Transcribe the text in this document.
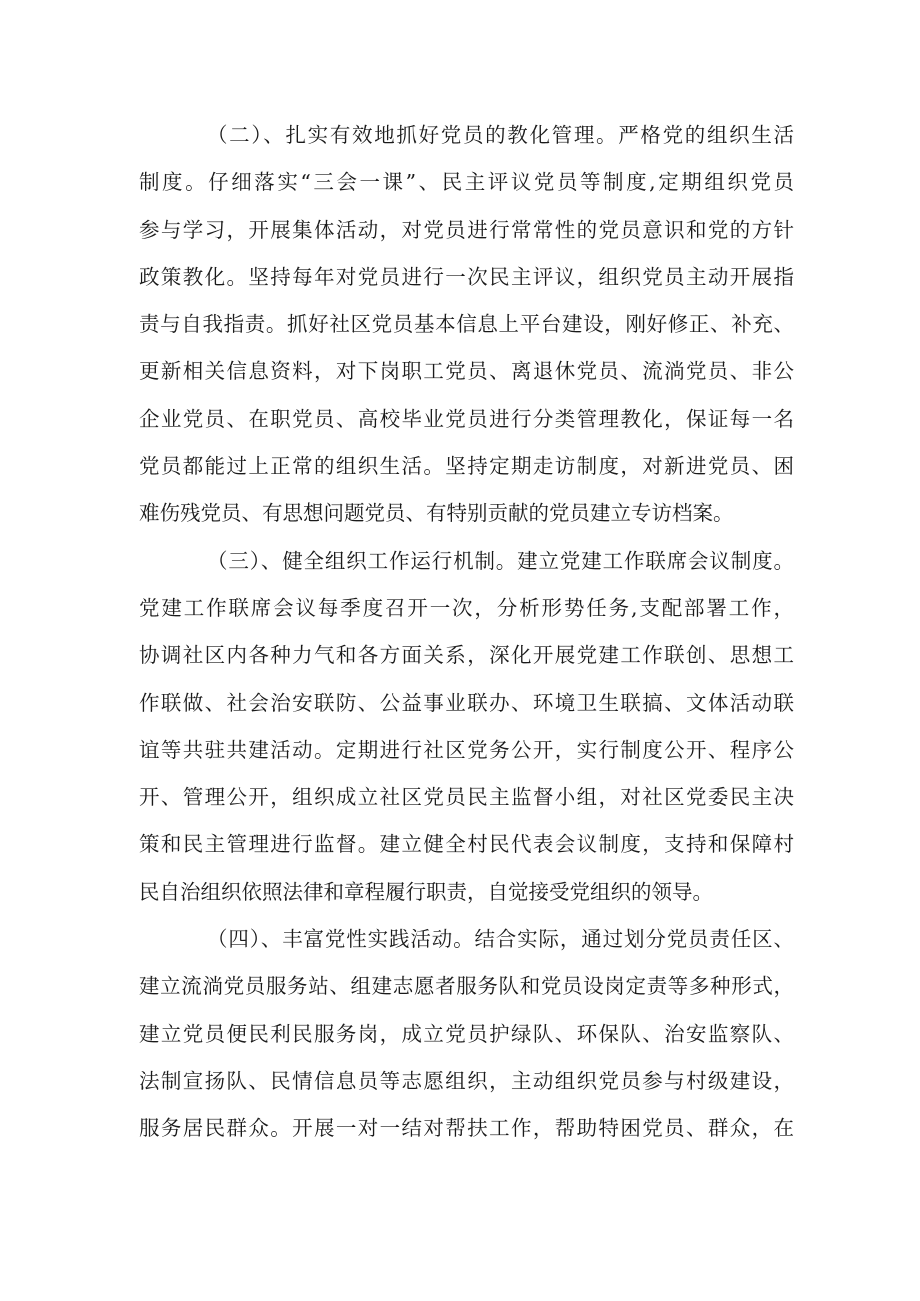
（二）、扎实有效地抓好党员的教化管理。严格党的组织生活
制度。仔细落实“三会一课”、民主评议党员等制度,定期组织党员
参与学习，开展集体活动，对党员进行常常性的党员意识和党的方针
政策教化。坚持每年对党员进行一次民主评议，组织党员主动开展指
责与自我指责。抓好社区党员基本信息上平台建设，刚好修正、补充、
更新相关信息资料，对下岗职工党员、离退休党员、流淌党员、非公
企业党员、在职党员、高校毕业党员进行分类管理教化，保证每一名
党员都能过上正常的组织生活。坚持定期走访制度，对新进党员、困
难伤残党员、有思想问题党员、有特别贡献的党员建立专访档案。
（三）、健全组织工作运行机制。建立党建工作联席会议制度。
党建工作联席会议每季度召开一次，分析形势任务,支配部署工作，
协调社区内各种力气和各方面关系，深化开展党建工作联创、思想工
作联做、社会治安联防、公益事业联办、环境卫生联搞、文体活动联
谊等共驻共建活动。定期进行社区党务公开，实行制度公开、程序公
开、管理公开，组织成立社区党员民主监督小组，对社区党委民主决
策和民主管理进行监督。建立健全村民代表会议制度，支持和保障村
民自治组织依照法律和章程履行职责，自觉接受党组织的领导。
（四）、丰富党性实践活动。结合实际，通过划分党员责任区、
建立流淌党员服务站、组建志愿者服务队和党员设岗定责等多种形式，
建立党员便民利民服务岗，成立党员护绿队、环保队、治安监察队、
法制宣扬队、民情信息员等志愿组织，主动组织党员参与村级建设，
服务居民群众。开展一对一结对帮扶工作，帮助特困党员、群众，在
